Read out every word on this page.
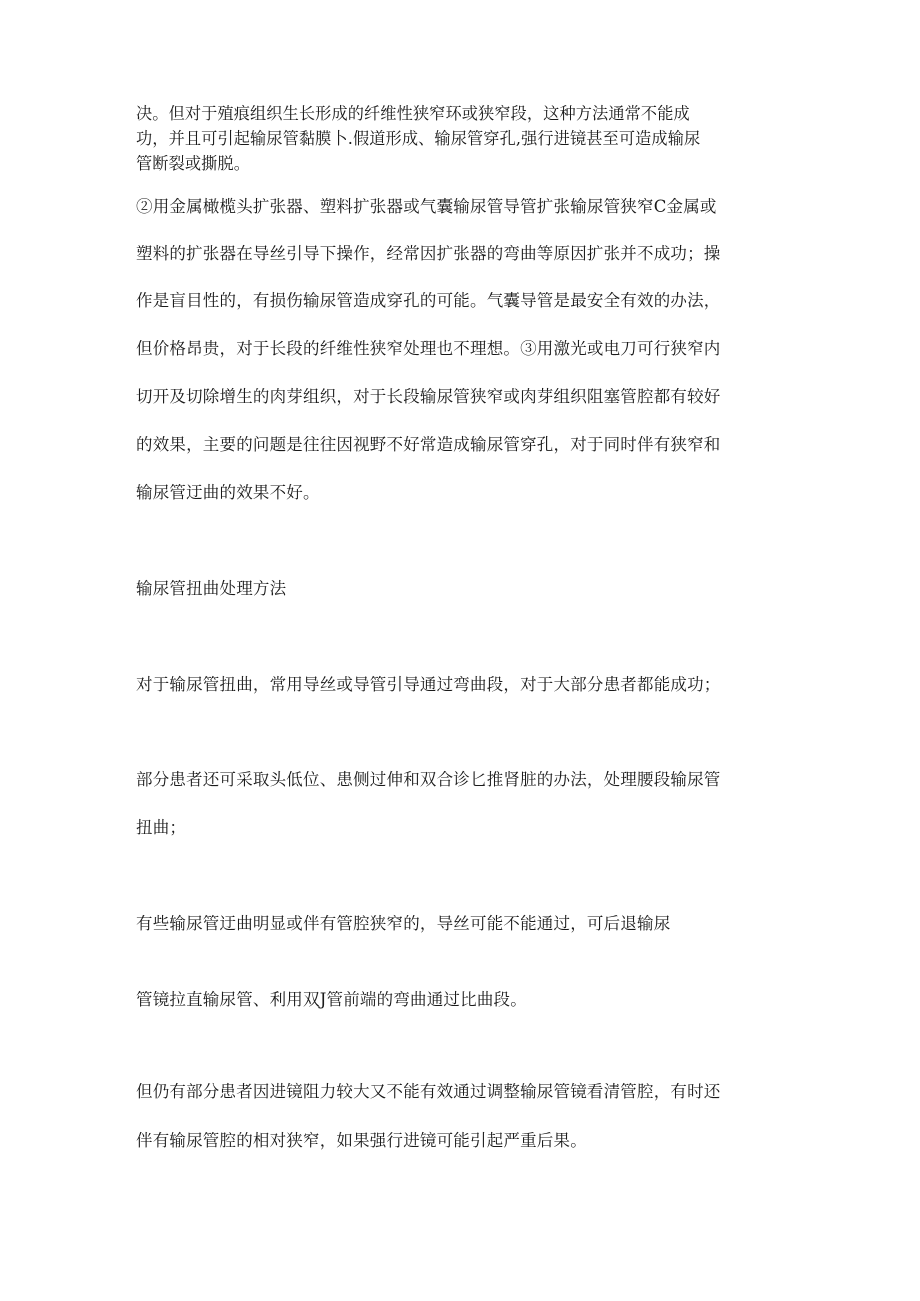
决。但对于殖痕组织生长形成的纤维性狭窄环或狭窄段，这种方法通常不能成
功，并且可引起输尿管黏膜卜.假道形成、输尿管穿孔,强行进镜甚至可造成输尿
管断裂或撕脱。
②用金属橄榄头扩张器、塑料扩张器或气囊输尿管导管扩张输尿管狭窄C金属或
塑料的扩张器在导丝引导下操作，经常因扩张器的弯曲等原因扩张并不成功；操
作是盲目性的，有损伤输尿管造成穿孔的可能。气囊导管是最安全有效的办法，
但价格昂贵，对于长段的纤维性狭窄处理也不理想。③用激光或电刀可行狭窄内
切开及切除增生的肉芽组织，对于长段输尿管狭窄或肉芽组织阻塞管腔都有较好
的效果，主要的问题是往往因视野不好常造成输尿管穿孔，对于同时伴有狭窄和
输尿管迂曲的效果不好。
输尿管扭曲处理方法
对于输尿管扭曲，常用导丝或导管引导通过弯曲段，对于大部分患者都能成功；
部分患者还可采取头低位、患侧过伸和双合诊匕推肾脏的办法，处理腰段输尿管
扭曲；
有些输尿管迂曲明显或伴有管腔狭窄的，导丝可能不能通过，可后退输尿
管镜拉直输尿管、利用双J管前端的弯曲通过比曲段。
但仍有部分患者因进镜阻力较大又不能有效通过调整输尿管镜看清管腔，有时还
伴有输尿管腔的相对狭窄，如果强行进镜可能引起严重后果。
